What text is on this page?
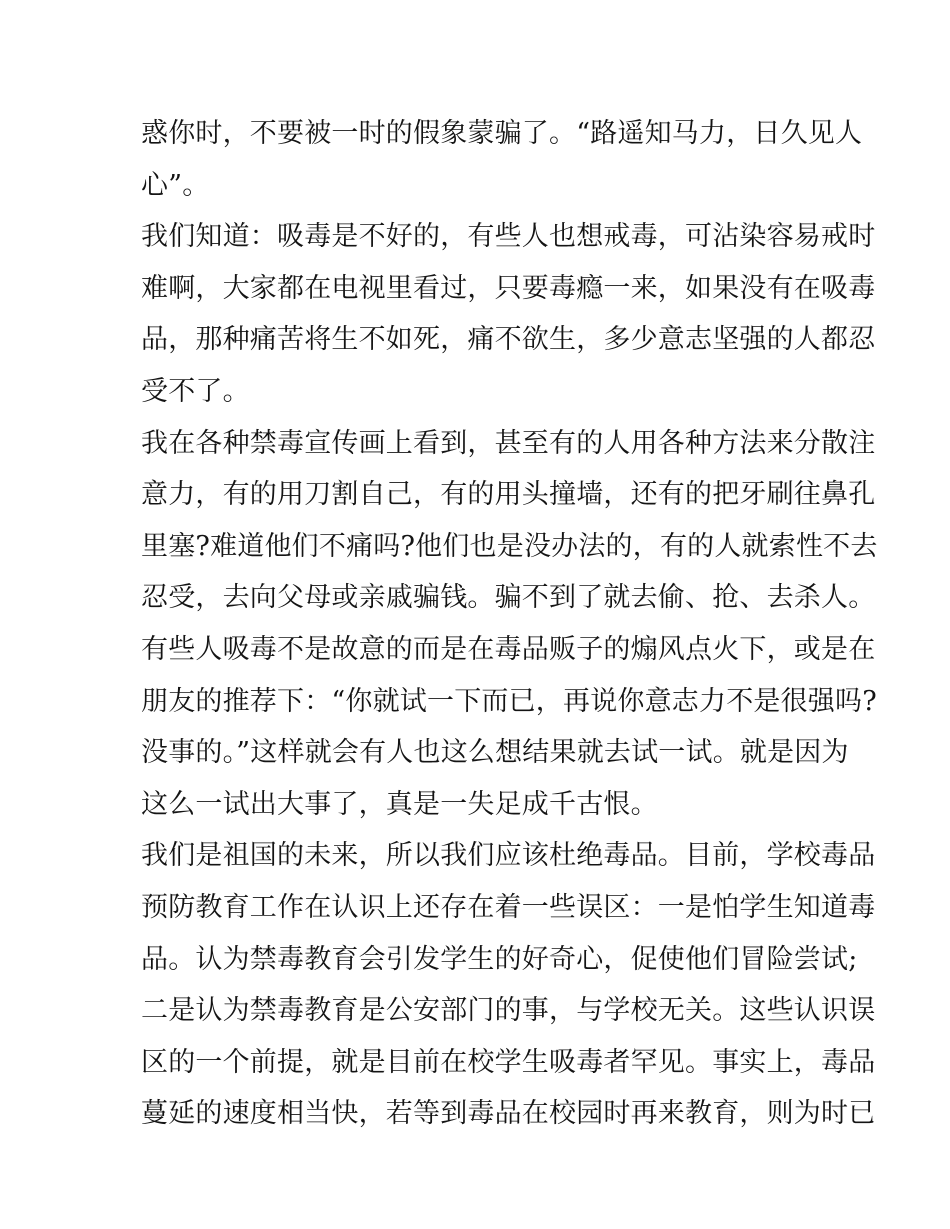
惑你时，不要被一时的假象蒙骗了。“路遥知马力，日久见人
心”。
我们知道：吸毒是不好的，有些人也想戒毒，可沾染容易戒时
难啊，大家都在电视里看过，只要毒瘾一来，如果没有在吸毒
品，那种痛苦将生不如死，痛不欲生，多少意志坚强的人都忍
受不了。
我在各种禁毒宣传画上看到，甚至有的人用各种方法来分散注
意力，有的用刀割自己，有的用头撞墙，还有的把牙刷往鼻孔
里塞?难道他们不痛吗?他们也是没办法的，有的人就索性不去
忍受，去向父母或亲戚骗钱。骗不到了就去偷、抢、去杀人。
有些人吸毒不是故意的而是在毒品贩子的煽风点火下，或是在
朋友的推荐下：“你就试一下而已，再说你意志力不是很强吗?
没事的。”这样就会有人也这么想结果就去试一试。就是因为
这么一试出大事了，真是一失足成千古恨。
我们是祖国的未来，所以我们应该杜绝毒品。目前，学校毒品
预防教育工作在认识上还存在着一些误区：一是怕学生知道毒
品。认为禁毒教育会引发学生的好奇心，促使他们冒险尝试;
二是认为禁毒教育是公安部门的事，与学校无关。这些认识误
区的一个前提，就是目前在校学生吸毒者罕见。事实上，毒品
蔓延的速度相当快，若等到毒品在校园时再来教育，则为时已
